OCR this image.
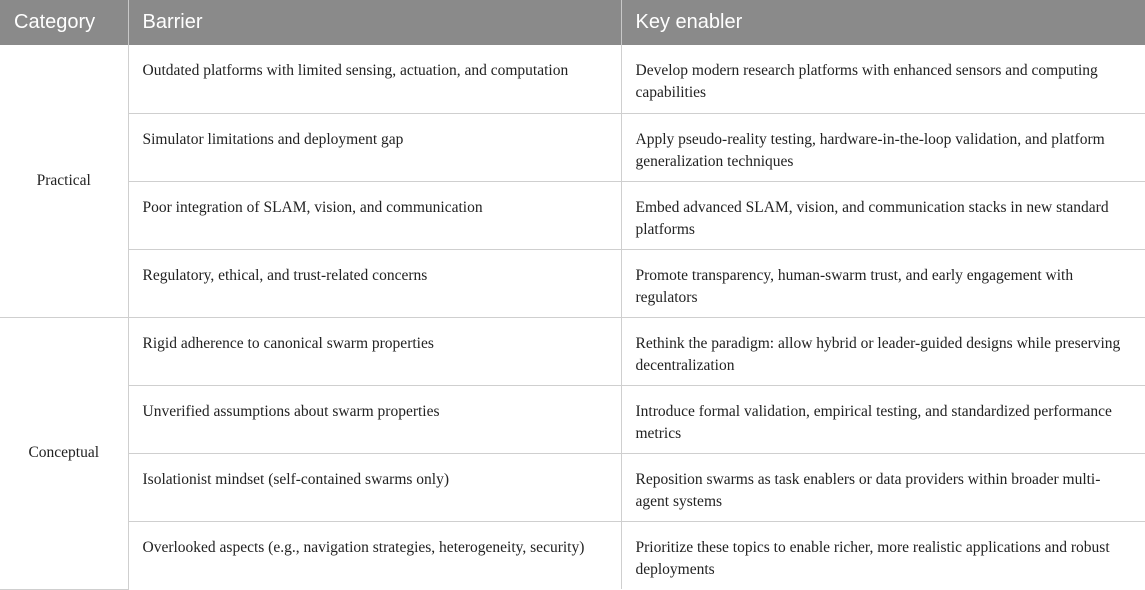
Category	Barrier	Key enabler
Practical	Outdated platforms with limited sensing, actuation, and computation	Develop modern research platforms with enhanced sensors and computing capabilities
	Simulator limitations and deployment gap	Apply pseudo-reality testing, hardware-in-the-loop validation, and platform generalization techniques
	Poor integration of SLAM, vision, and communication	Embed advanced SLAM, vision, and communication stacks in new standard platforms
	Regulatory, ethical, and trust-related concerns	Promote transparency, human-swarm trust, and early engagement with regulators
Conceptual	Rigid adherence to canonical swarm properties	Rethink the paradigm: allow hybrid or leader-guided designs while preserving decentralization
	Unverified assumptions about swarm properties	Introduce formal validation, empirical testing, and standardized performance metrics
	Isolationist mindset (self-contained swarms only)	Reposition swarms as task enablers or data providers within broader multi-agent systems
	Overlooked aspects (e.g., navigation strategies, heterogeneity, security)	Prioritize these topics to enable richer, more realistic applications and robust deployments
